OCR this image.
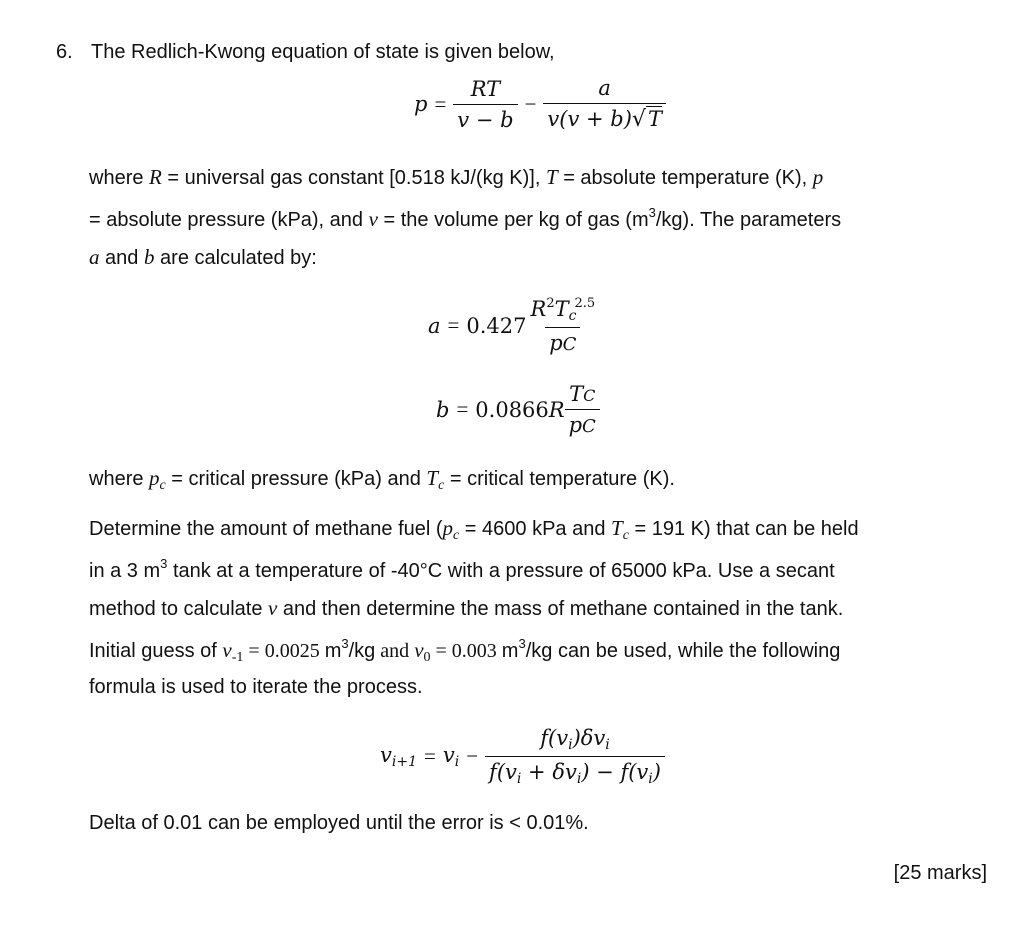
6. The Redlich-Kwong equation of state is given below,
$p = \frac{RT}{v - b} - \frac{a}{v(v + b)√T}$
where R = universal gas constant [0.518 kJ/(kg K)], T = absolute temperature (K), p
= absolute pressure (kPa), and v = the volume per kg of gas $(m^3/kg)$. The parameters
a and b are calculated by:
$a = 0.427 \frac{R^2T_c^{2.5}}{pC}$
b = 0.0866 R $\frac{TC}{pC}$
where $p_c$ = critical pressure (kPa) and $T_c$ = critical temperature (K).
Determine the amount of methane fuel ($p_c = 4600$ kPa and $T_c = 191$ K) that can be held
in a 3 $m^3$ tank at a temperature of -40°C with a pressure of 65000 kPa. Use a secant
method to calculate v and then determine the mass of methane contained in the tank.
Initial guess of $v_{-1} = 0.0025$ $m^3/kg$ and $v_0 = 0.003$ $m^3/kg$ can be used, while the following
formula is used to iterate the process.
$v_{i+1} = v_i - \frac{f(v_i)\delta v_i}{f(v_i + \delta v_i) - f(v_i)}$
Delta of 0.01 can be employed until the error is < 0.01%.
[25 marks]
